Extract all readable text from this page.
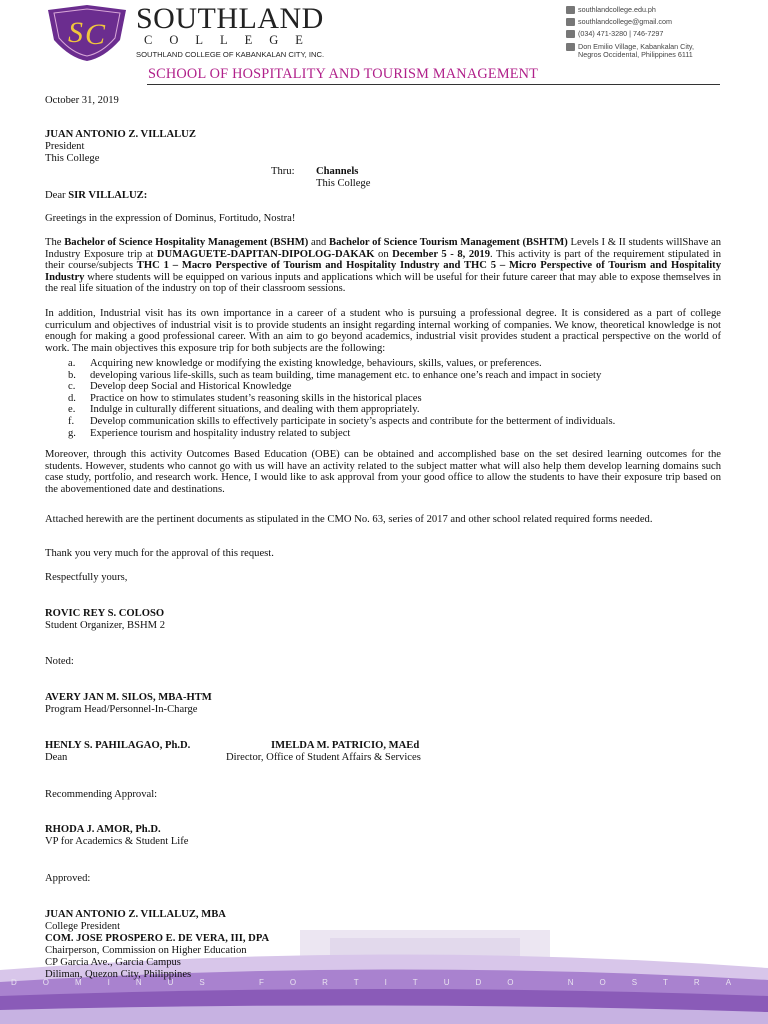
S C SOUTHLAND
COLLEGE
SOUTHLAND COLLEGE OF KABANKALAN CITY, INC.
southlandcollege.edu.ph
southlandcollege@gmail.com
(034) 471-3280 | 746-7297
Don Emilio Village, Kabankalan City,
Negros Occidental, Philippines 6111
SCHOOL OF HOSPITALITY AND TOURISM MANAGEMENT
October 31, 2019
JUAN ANTONIO Z. VILLALUZ
President
This College
Thru: Channels
This College
Dear SIR VILLALUZ:
Greetings in the expression of Dominus, Fortitudo, Nostra!
The Bachelor of Science Hospitality Management (BSHM) and Bachelor of Science Tourism Management (BSHTM) Levels I & II students willShave an Industry Exposure trip at DUMAGUETE-DAPITAN-DIPOLOG-DAKAK on December 5 - 8, 2019. This activity is part of the requirement stipulated in their course/subjects THC 1 – Macro Perspective of Tourism and Hospitality Industry and THC 5 – Micro Perspective of Tourism and Hospitality Industry where students will be equipped on various inputs and applications which will be useful for their future career that may able to expose themselves in the real life situation of the industry on top of their classroom sessions.
In addition, Industrial visit has its own importance in a career of a student who is pursuing a professional degree. It is considered as a part of college curriculum and objectives of industrial visit is to provide students an insight regarding internal working of companies. We know, theoretical knowledge is not enough for making a good professional career. With an aim to go beyond academics, industrial visit provides student a practical perspective on the world of work. The main objectives this exposure trip for both subjects are the following:
a. Acquiring new knowledge or modifying the existing knowledge, behaviours, skills, values, or preferences.
b. developing various life-skills, such as team building, time management etc. to enhance one’s reach and impact in society
c. Develop deep Social and Historical Knowledge
d. Practice on how to stimulates student’s reasoning skills in the historical places
e. Indulge in culturally different situations, and dealing with them appropriately.
f. Develop communication skills to effectively participate in society’s aspects and contribute for the betterment of individuals.
g. Experience tourism and hospitality industry related to subject
Moreover, through this activity Outcomes Based Education (OBE) can be obtained and accomplished base on the set desired learning outcomes for the students. However, students who cannot go with us will have an activity related to the subject matter what will also help them develop learning domains such case study, portfolio, and research work. Hence, I would like to ask approval from your good office to allow the students to have their exposure trip based on the abovementioned date and destinations.
Attached herewith are the pertinent documents as stipulated in the CMO No. 63, series of 2017 and other school related required forms needed.
Thank you very much for the approval of this request.
Respectfully yours,
ROVIC REY S. COLOSO
Student Organizer, BSHM 2
Noted:
AVERY JAN M. SILOS, MBA-HTM
Program Head/Personnel-In-Charge
HENLY S. PAHILAGAO, Ph.D.
Dean
IMELDA M. PATRICIO, MAEd
Director, Office of Student Affairs & Services
Recommending Approval:
RHODA J. AMOR, Ph.D.
VP for Academics & Student Life
Approved:
DOMINUS FORTITUDO NOSTRA
JUAN ANTONIO Z. VILLALUZ, MBA
College President
COM. JOSE PROSPERO E. DE VERA, III, DPA
Chairperson, Commission on Higher Education
CP Garcia Ave., Garcia Campus
Diliman, Quezon City, Philippines
